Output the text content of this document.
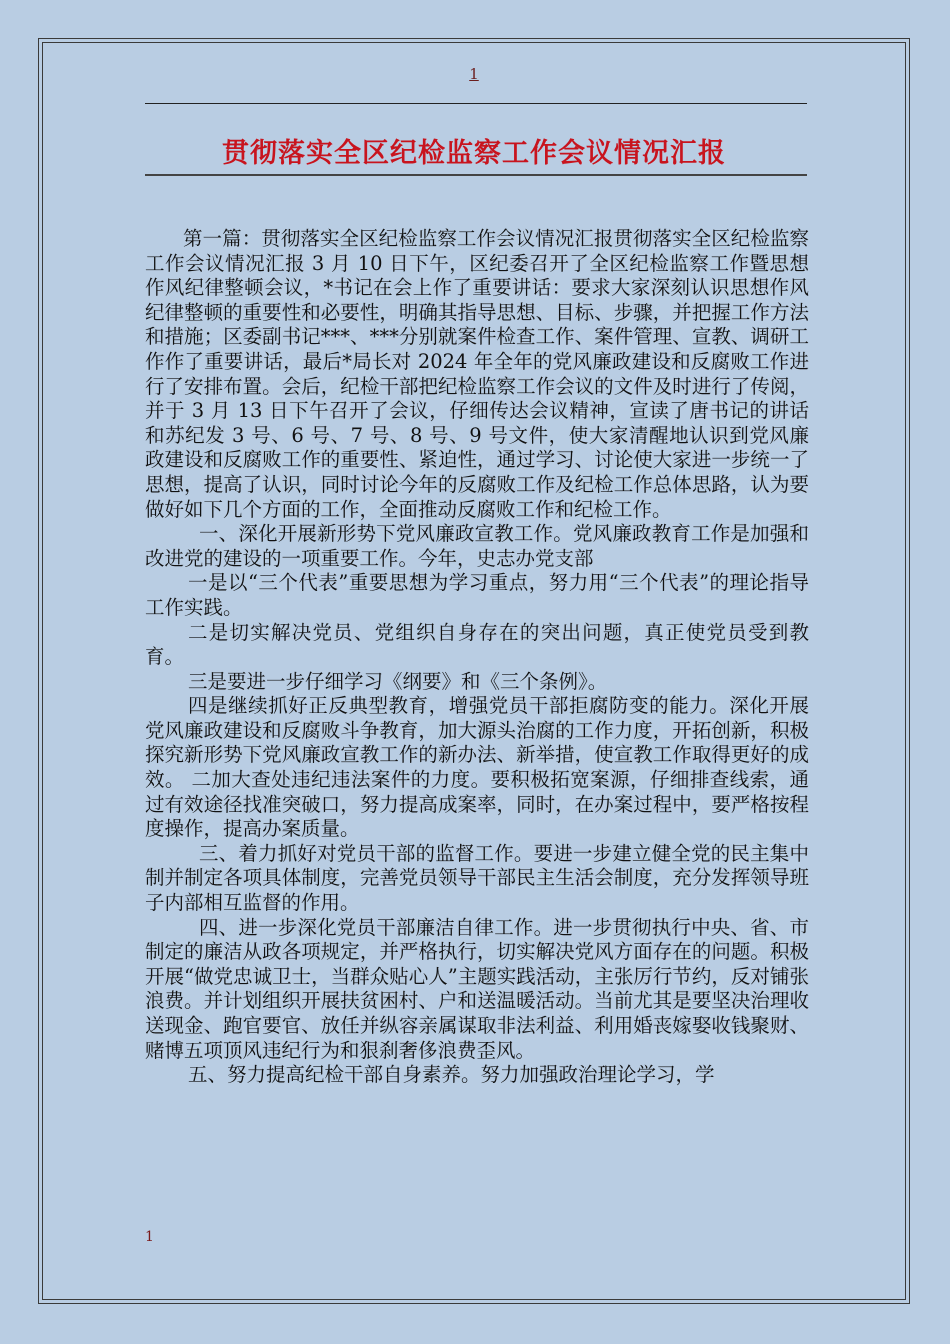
1
贯彻落实全区纪检监察工作会议情况汇报

第一篇：贯彻落实全区纪检监察工作会议情况汇报贯彻落实全区纪检监察工作会议情况汇报 3 月 10 日下午，区纪委召开了全区纪检监察工作暨思想作风纪律整顿会议，*书记在会上作了重要讲话：要求大家深刻认识思想作风纪律整顿的重要性和必要性，明确其指导思想、目标、步骤，并把握工作方法和措施；区委副书记***、***分别就案件检查工作、案件管理、宣教、调研工作作了重要讲话，最后*局长对 2024 年全年的党风廉政建设和反腐败工作进行了安排布置。会后，纪检干部把纪检监察工作会议的文件及时进行了传阅，并于 3 月 13 日下午召开了会议，仔细传达会议精神，宣读了唐书记的讲话和苏纪发 3 号、6 号、7 号、8 号、9 号文件，使大家清醒地认识到党风廉政建设和反腐败工作的重要性、紧迫性，通过学习、讨论使大家进一步统一了思想，提高了认识，同时讨论今年的反腐败工作及纪检工作总体思路，认为要做好如下几个方面的工作，全面推动反腐败工作和纪检工作。

一、深化开展新形势下党风廉政宣教工作。党风廉政教育工作是加强和改进党的建设的一项重要工作。今年，史志办党支部

一是以“三个代表”重要思想为学习重点，努力用“三个代表”的理论指导工作实践。

二是切实解决党员、党组织自身存在的突出问题，真正使党员受到教育。

三是要进一步仔细学习《纲要》和《三个条例》。

四是继续抓好正反典型教育，增强党员干部拒腐防变的能力。深化开展党风廉政建设和反腐败斗争教育，加大源头治腐的工作力度，开拓创新，积极探究新形势下党风廉政宣教工作的新办法、新举措，使宣教工作取得更好的成效。 二加大查处违纪违法案件的力度。要积极拓宽案源，仔细排查线索，通过有效途径找准突破口，努力提高成案率，同时，在办案过程中，要严格按程度操作，提高办案质量。

三、着力抓好对党员干部的监督工作。要进一步建立健全党的民主集中制并制定各项具体制度，完善党员领导干部民主生活会制度，充分发挥领导班子内部相互监督的作用。

四、进一步深化党员干部廉洁自律工作。进一步贯彻执行中央、省、市制定的廉洁从政各项规定，并严格执行，切实解决党风方面存在的问题。积极开展“做党忠诚卫士，当群众贴心人”主题实践活动，主张厉行节约，反对铺张浪费。并计划组织开展扶贫困村、户和送温暖活动。当前尤其是要坚决治理收送现金、跑官要官、放任并纵容亲属谋取非法利益、利用婚丧嫁娶收钱聚财、赌博五项顶风违纪行为和狠刹奢侈浪费歪风。

五、努力提高纪检干部自身素养。努力加强政治理论学习，学

1
